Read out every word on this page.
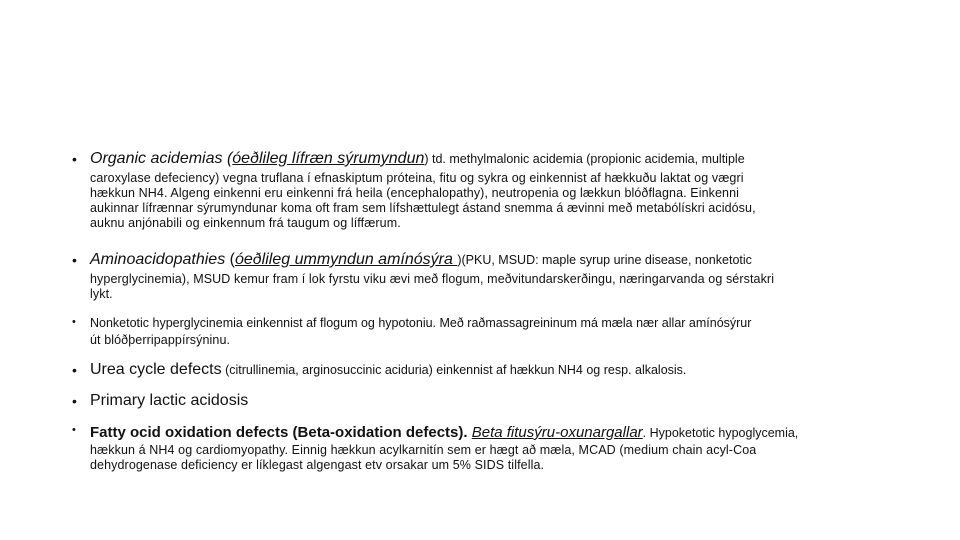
• Organic acidemias (óeðlileg lífræn sýrumyndun) td. methylmalonic acidemia (propionic acidemia, multiple
caroxylase defeciency) vegna truflana í efnaskiptum próteina, fitu og sykra og einkennist af hækkuðu laktat og vægri
hækkun NH4. Algeng einkenni eru einkenni frá heila (encephalopathy), neutropenia og lækkun blóðflagna. Einkenni
aukinnar lífrænnar sýrumyndunar koma oft fram sem lífshættulegt ástand snemma á ævinni með metabólískri acidósu,
auknu anjónabili og einkennum frá taugum og líffærum.
• Aminoacidopathies (óeðlileg ummyndun amínósýra )(PKU, MSUD: maple syrup urine disease, nonketotic
hyperglycinemia), MSUD kemur fram í lok fyrstu viku ævi með flogum, meðvitundarskerðingu, næringarvanda og sérstakri
lykt.
• Nonketotic hyperglycinemia einkennist af flogum og hypotoniu. Með raðmassagreininum má mæla nær allar amínósýrur
út blóðþerripappírsýninu.
• Urea cycle defects (citrullinemia, arginosuccinic aciduria) einkennist af hækkun NH4 og resp. alkalosis.
• Primary lactic acidosis
• Fatty ocid oxidation defects (Beta-oxidation defects). Beta fitusýru-oxunargallar. Hypoketotic hypoglycemia,
hækkun á NH4 og cardiomyopathy. Einnig hækkun acylkarnitín sem er hægt að mæla, MCAD (medium chain acyl-Coa
dehydrogenase deficiency er líklegast algengast etv orsakar um 5% SIDS tilfella.
